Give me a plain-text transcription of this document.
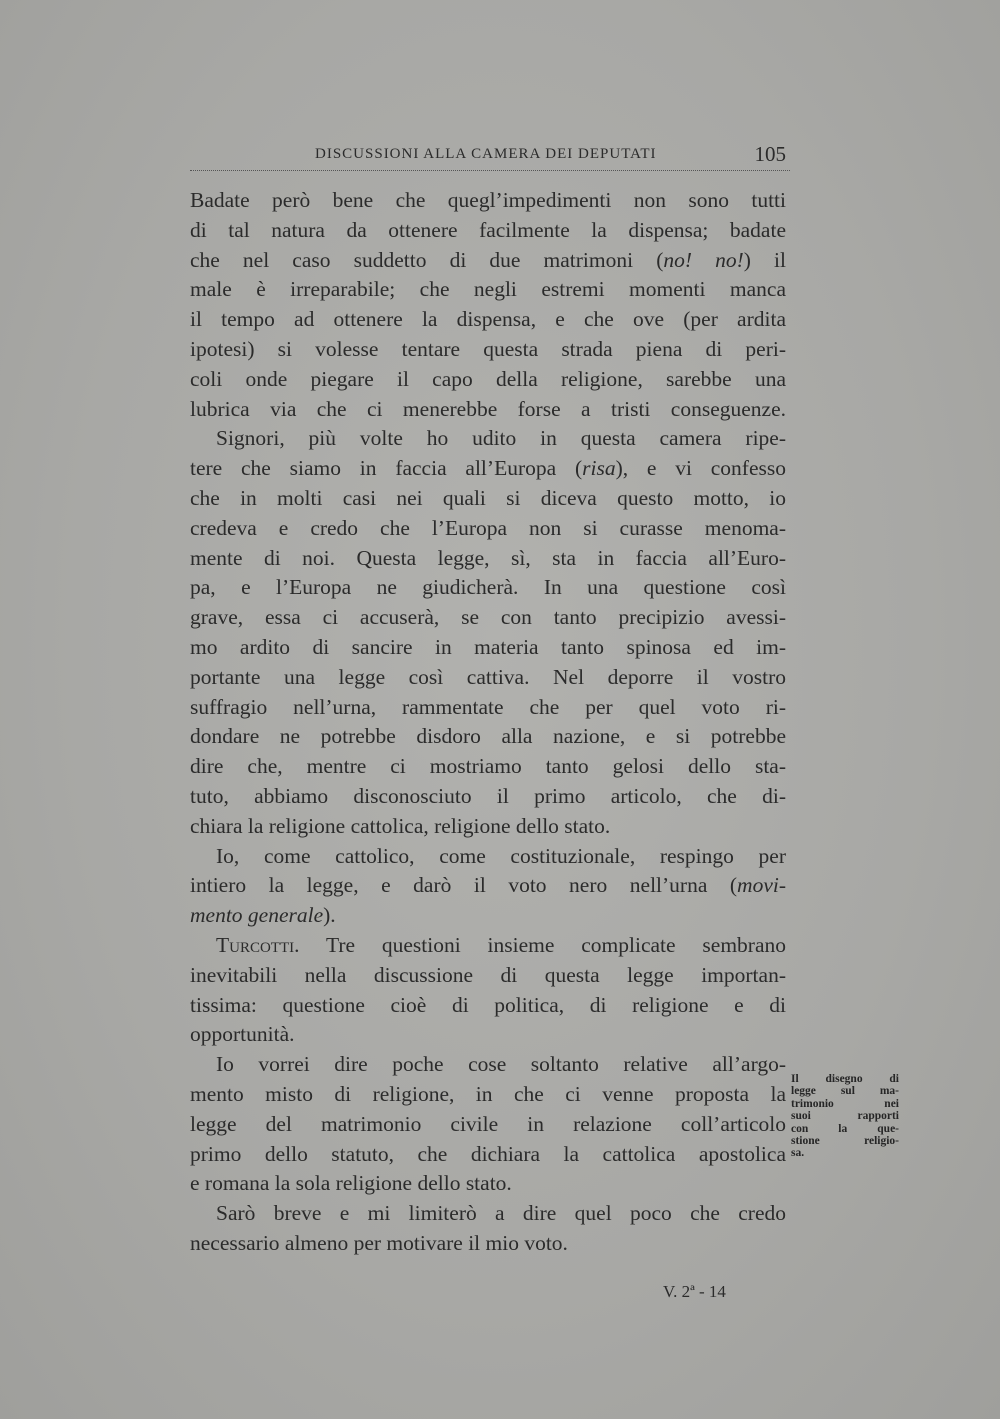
DISCUSSIONI ALLA CAMERA DEI DEPUTATI	105
Badate però bene che quegl’impedimenti non sono tutti
di tal natura da ottenere facilmente la dispensa; badate
che nel caso suddetto di due matrimoni (no! no!) il
male è irreparabile; che negli estremi momenti manca
il tempo ad ottenere la dispensa, e che ove (per ardita
ipotesi) si volesse tentare questa strada piena di peri-
coli onde piegare il capo della religione, sarebbe una
lubrica via che ci menerebbe forse a tristi conseguenze.
Signori, più volte ho udito in questa camera ripe-
tere che siamo in faccia all’Europa (risa), e vi confesso
che in molti casi nei quali si diceva questo motto, io
credeva e credo che l’Europa non si curasse menoma-
mente di noi. Questa legge, sì, sta in faccia all’Euro-
pa, e l’Europa ne giudicherà. In una questione così
grave, essa ci accuserà, se con tanto precipizio avessi-
mo ardito di sancire in materia tanto spinosa ed im-
portante una legge così cattiva. Nel deporre il vostro
suffragio nell’urna, rammentate che per quel voto ri-
dondare ne potrebbe disdoro alla nazione, e si potrebbe
dire che, mentre ci mostriamo tanto gelosi dello sta-
tuto, abbiamo disconosciuto il primo articolo, che di-
chiara la religione cattolica, religione dello stato.
Io, come cattolico, come costituzionale, respingo per
intiero la legge, e darò il voto nero nell’urna (movi-
mento generale).
Turcotti. Tre questioni insieme complicate sembrano
inevitabili nella discussione di questa legge importan-
tissima: questione cioè di politica, di religione e di
opportunità.
Io vorrei dire poche cose soltanto relative all’argo-
mento misto di religione, in che ci venne proposta la
legge del matrimonio civile in relazione coll’articolo
primo dello statuto, che dichiara la cattolica apostolica
e romana la sola religione dello stato.
Sarò breve e mi limiterò a dire quel poco che credo
necessario almeno per motivare il mio voto.
Il disegno di
legge sul ma-
trimonio nei
suoi rapporti
con la que-
stione religio-
sa.
V. 2ª - 14
